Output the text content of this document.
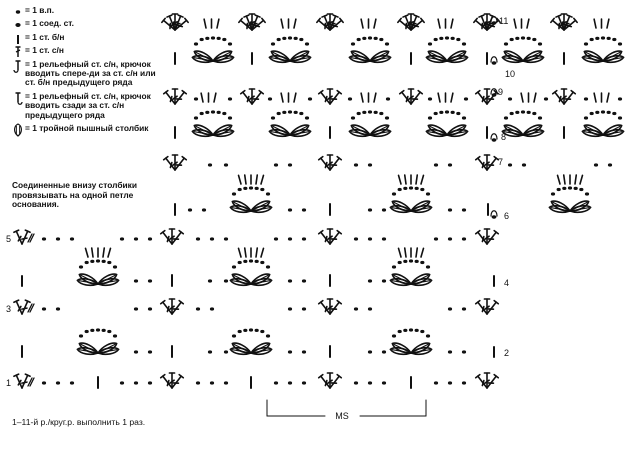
= 1 в.п.
= 1 соед. ст.
= 1 ст. б/н
= 1 ст. с/н
= 1 рельефный ст. с/н, крючок вводить спере-ди за ст. с/н или ст. б/н предыдущего ряда
= 1 рельефный ст. с/н, крючок вводить сзади за ст. с/н предыдущего ряда
= 1 тройной пышный столбик
Соединенные внизу столбики провязывать на одной петле основания.
1–11-й р./круг.р. выполнить 1 раз.
MS
1
3
5
2
4
6
7
8
9
10
11
